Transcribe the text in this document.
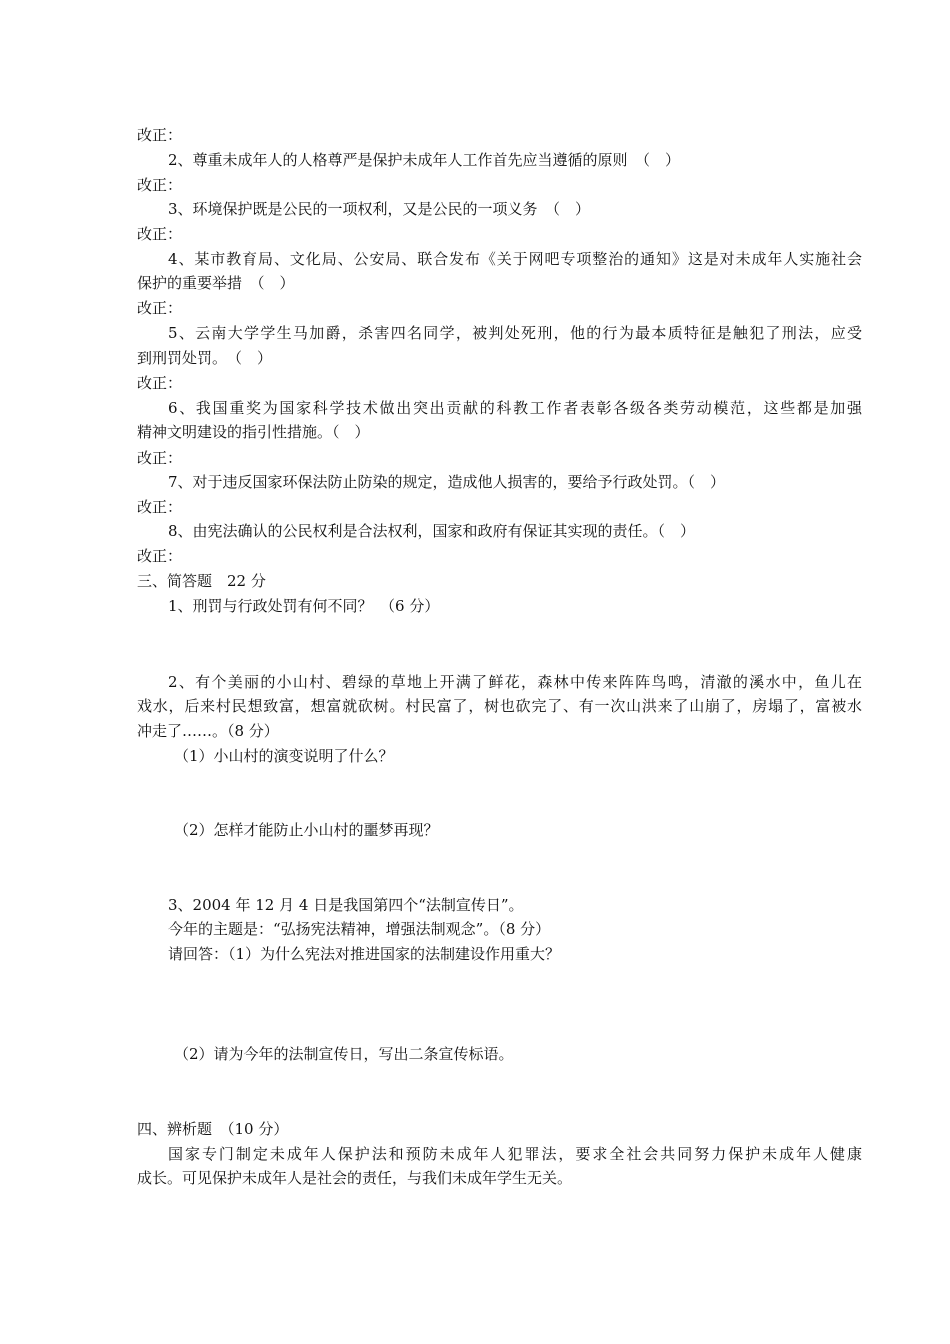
改正：
2、尊重未成年人的人格尊严是保护未成年人工作首先应当遵循的原则　（　）
改正：
3、环境保护既是公民的一项权利，又是公民的一项义务　（　）
改正：
4、某市教育局、文化局、公安局、联合发布《关于网吧专项整治的通知》这是对未成年人实施社会
保护的重要举措　（　）
改正：
5、云南大学学生马加爵，杀害四名同学，被判处死刑，他的行为最本质特征是触犯了刑法，应受
到刑罚处罚。　（　）
改正：
6、我国重奖为国家科学技术做出突出贡献的科教工作者表彰各级各类劳动模范，这些都是加强
精神文明建设的指引性措施。（　）
改正：
7、对于违反国家环保法防止防染的规定，造成他人损害的，要给予行政处罚。（　）
改正：
8、由宪法确认的公民权利是合法权利，国家和政府有保证其实现的责任。（　）
改正：
三、简答题　22 分
1、刑罚与行政处罚有何不同？　（6 分）
2、有个美丽的小山村、碧绿的草地上开满了鲜花，森林中传来阵阵鸟鸣，清澈的溪水中，鱼儿在
戏水，后来村民想致富，想富就砍树。村民富了，树也砍完了、有一次山洪来了山崩了，房塌了，富被水
冲走了……。（8 分）
（1）小山村的演变说明了什么？
（2）怎样才能防止小山村的噩梦再现？
3、2004 年 12 月 4 日是我国第四个“法制宣传日”。
今年的主题是：“弘扬宪法精神，增强法制观念”。（8 分）
请回答：（1）为什么宪法对推进国家的法制建设作用重大？
（2）请为今年的法制宣传日，写出二条宣传标语。
四、辨析题　（10 分）
国家专门制定未成年人保护法和预防未成年人犯罪法，要求全社会共同努力保护未成年人健康
成长。可见保护未成年人是社会的责任，与我们未成年学生无关。
